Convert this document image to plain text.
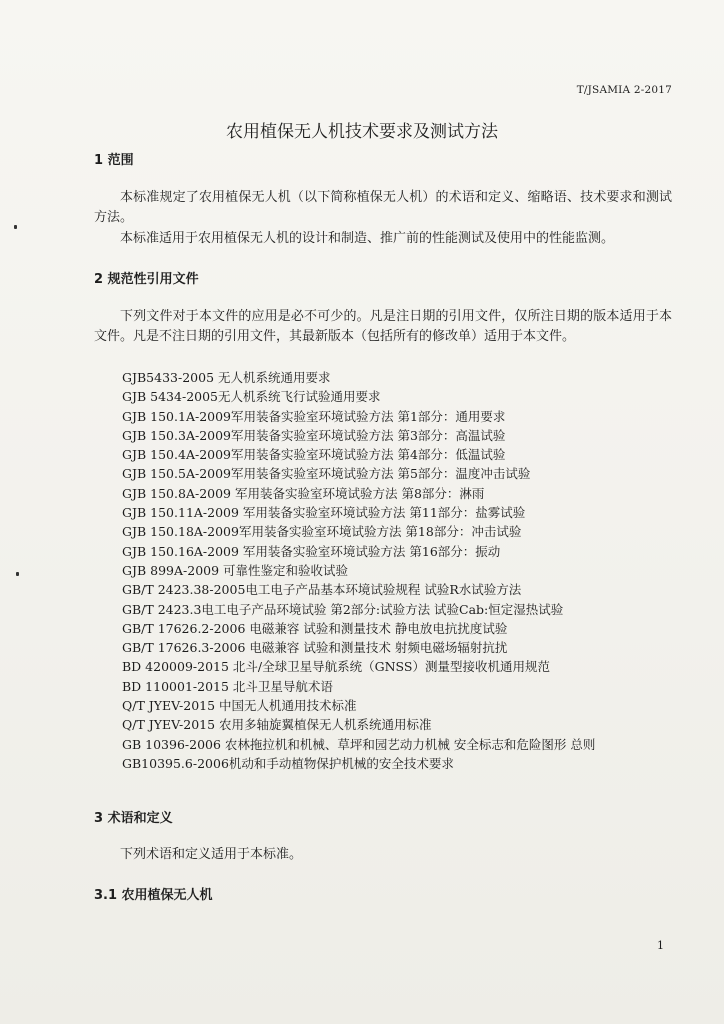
T/JSAMIA 2-2017
农用植保无人机技术要求及测试方法
1 范围
本标准规定了农用植保无人机（以下简称植保无人机）的术语和定义、缩略语、技术要求和测试方法。
本标准适用于农用植保无人机的设计和制造、推广前的性能测试及使用中的性能监测。
2 规范性引用文件
下列文件对于本文件的应用是必不可少的。凡是注日期的引用文件，仅所注日期的版本适用于本文件。凡是不注日期的引用文件，其最新版本（包括所有的修改单）适用于本文件。
GJB5433-2005 无人机系统通用要求
GJB 5434-2005无人机系统飞行试验通用要求
GJB 150.1A-2009军用装备实验室环境试验方法 第1部分：通用要求
GJB 150.3A-2009军用装备实验室环境试验方法 第3部分：高温试验
GJB 150.4A-2009军用装备实验室环境试验方法 第4部分：低温试验
GJB 150.5A-2009军用装备实验室环境试验方法 第5部分：温度冲击试验
GJB 150.8A-2009 军用装备实验室环境试验方法 第8部分：淋雨
GJB 150.11A-2009 军用装备实验室环境试验方法 第11部分：盐雾试验
GJB 150.18A-2009军用装备实验室环境试验方法 第18部分：冲击试验
GJB 150.16A-2009 军用装备实验室环境试验方法 第16部分：振动
GJB 899A-2009 可靠性鉴定和验收试验
GB/T 2423.38-2005电工电子产品基本环境试验规程 试验R水试验方法
GB/T 2423.3电工电子产品环境试验 第2部分:试验方法 试验Cab:恒定湿热试验
GB/T 17626.2-2006 电磁兼容 试验和测量技术 静电放电抗扰度试验
GB/T 17626.3-2006 电磁兼容 试验和测量技术 射频电磁场辐射抗扰
BD 420009-2015 北斗/全球卫星导航系统（GNSS）测量型接收机通用规范
BD 110001-2015 北斗卫星导航术语
Q/T JYEV-2015 中国无人机通用技术标准
Q/T JYEV-2015 农用多轴旋翼植保无人机系统通用标准
GB 10396-2006 农林拖拉机和机械、草坪和园艺动力机械 安全标志和危险图形 总则
GB10395.6-2006机动和手动植物保护机械的安全技术要求
3 术语和定义
下列术语和定义适用于本标准。
3.1 农用植保无人机
1
